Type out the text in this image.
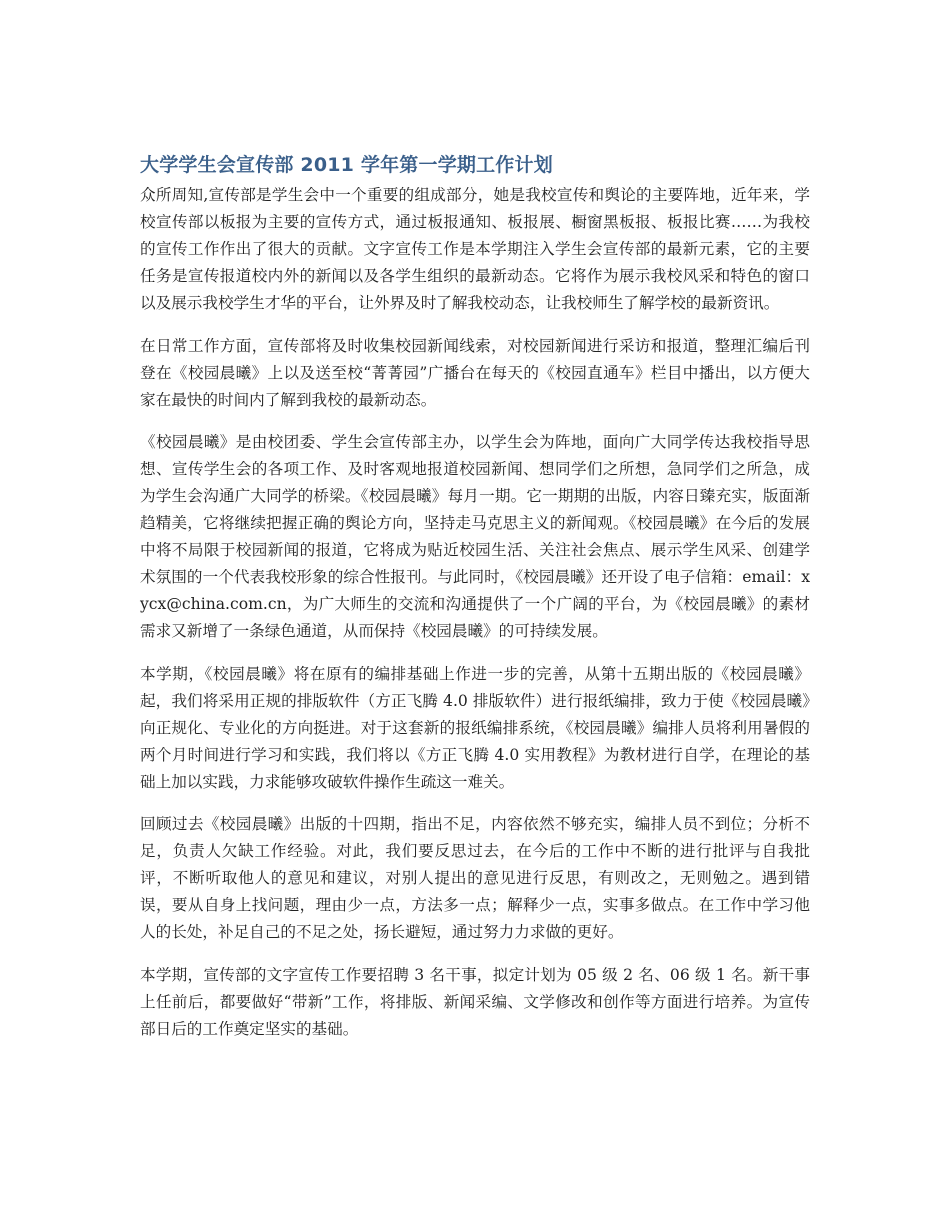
大学学生会宣传部 2011 学年第一学期工作计划

众所周知,宣传部是学生会中一个重要的组成部分，她是我校宣传和舆论的主要阵地，近年来，学校宣传部以板报为主要的宣传方式，通过板报通知、板报展、橱窗黑板报、板报比赛……为我校的宣传工作作出了很大的贡献。文字宣传工作是本学期注入学生会宣传部的最新元素，它的主要任务是宣传报道校内外的新闻以及各学生组织的最新动态。它将作为展示我校风采和特色的窗口以及展示我校学生才华的平台，让外界及时了解我校动态，让我校师生了解学校的最新资讯。

在日常工作方面，宣传部将及时收集校园新闻线索，对校园新闻进行采访和报道，整理汇编后刊登在《校园晨曦》上以及送至校“菁菁园”广播台在每天的《校园直通车》栏目中播出，以方便大家在最快的时间内了解到我校的最新动态。

《校园晨曦》是由校团委、学生会宣传部主办，以学生会为阵地，面向广大同学传达我校指导思想、宣传学生会的各项工作、及时客观地报道校园新闻、想同学们之所想，急同学们之所急，成为学生会沟通广大同学的桥梁。《校园晨曦》每月一期。它一期期的出版，内容日臻充实，版面渐趋精美，它将继续把握正确的舆论方向，坚持走马克思主义的新闻观。《校园晨曦》在今后的发展中将不局限于校园新闻的报道，它将成为贴近校园生活、关注社会焦点、展示学生风采、创建学术氛围的一个代表我校形象的综合性报刊。与此同时，《校园晨曦》还开设了电子信箱：email：xycx@china.com.cn，为广大师生的交流和沟通提供了一个广阔的平台，为《校园晨曦》的素材需求又新增了一条绿色通道，从而保持《校园晨曦》的可持续发展。

本学期，《校园晨曦》将在原有的编排基础上作进一步的完善，从第十五期出版的《校园晨曦》起，我们将采用正规的排版软件（方正飞腾 4.0 排版软件）进行报纸编排，致力于使《校园晨曦》向正规化、专业化的方向挺进。对于这套新的报纸编排系统，《校园晨曦》编排人员将利用暑假的两个月时间进行学习和实践，我们将以《方正飞腾 4.0 实用教程》为教材进行自学，在理论的基础上加以实践，力求能够攻破软件操作生疏这一难关。

回顾过去《校园晨曦》出版的十四期，指出不足，内容依然不够充实，编排人员不到位；分析不足，负责人欠缺工作经验。对此，我们要反思过去，在今后的工作中不断的进行批评与自我批评，不断听取他人的意见和建议，对别人提出的意见进行反思，有则改之，无则勉之。遇到错误，要从自身上找问题，理由少一点，方法多一点；解释少一点，实事多做点。在工作中学习他人的长处，补足自己的不足之处，扬长避短，通过努力力求做的更好。

本学期，宣传部的文字宣传工作要招聘 3 名干事，拟定计划为 05 级 2 名、06 级 1 名。新干事上任前后，都要做好“带新”工作，将排版、新闻采编、文学修改和创作等方面进行培养。为宣传部日后的工作奠定坚实的基础。
